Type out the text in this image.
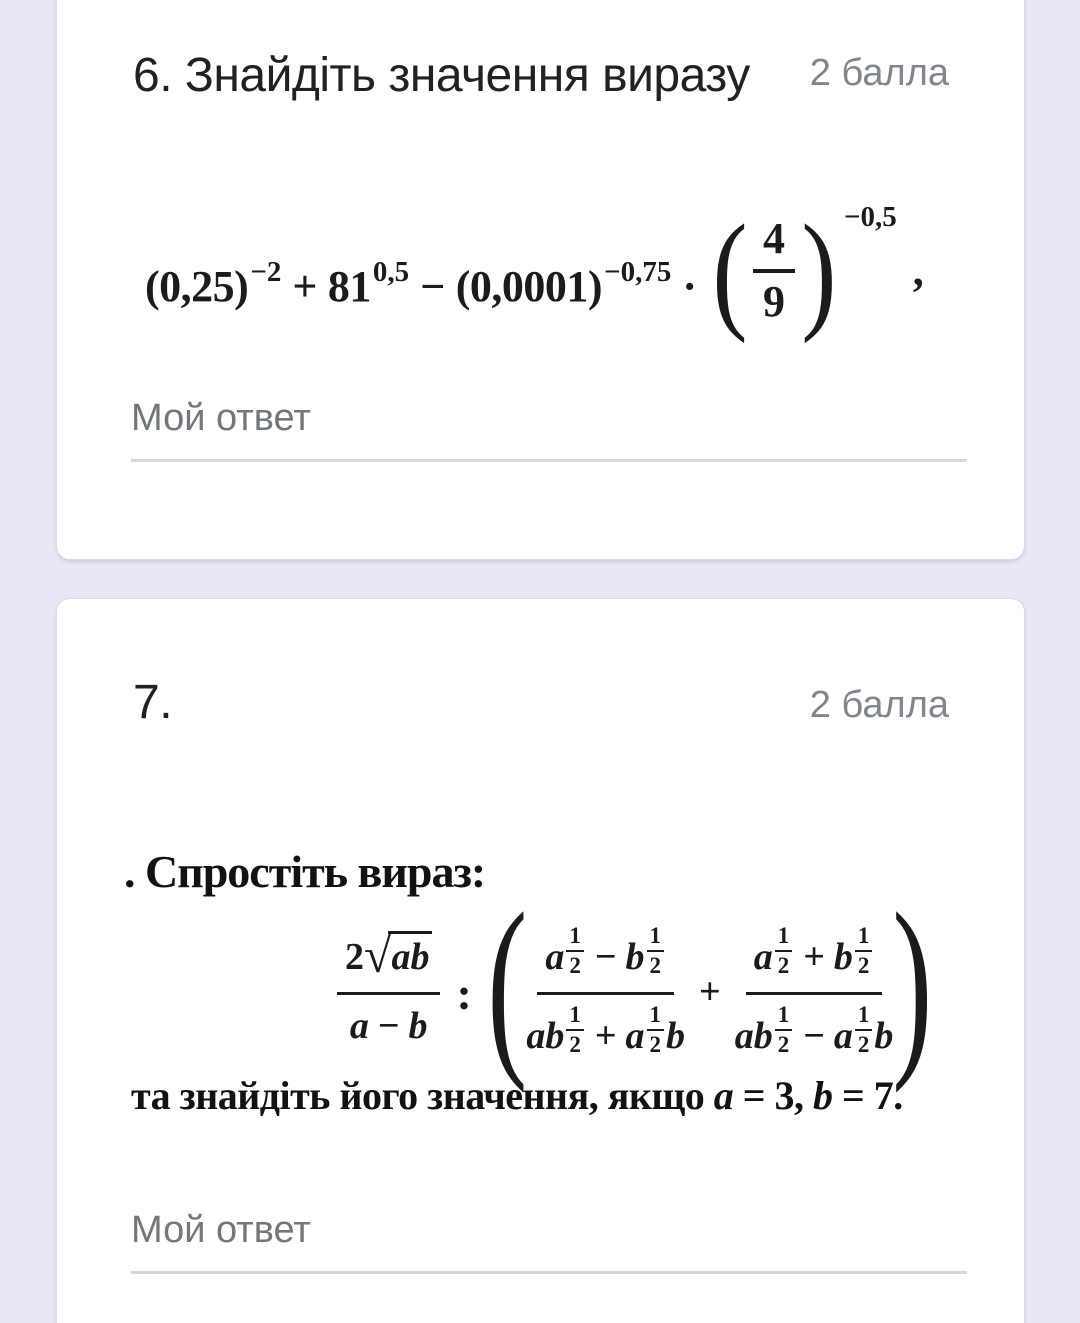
6. Знайдіть значення виразу 2 балла
$(0,25)^{-2} + 81^{0,5} - (0,0001)^{-0,75}$ · ( $\frac{4}{9}$ ) $^{-0,5}$,
Мой ответ
7.	2 балла
. Спростіть вираз:
$\frac{2√ab}{a - b}$ :( $\frac{a \frac{1}{2} - b \frac{1}{2}}{ab \frac{1}{2} + a \frac{1}{2} b} + \frac{a \frac{1}{2} + b \frac{1}{2}}{ab \frac{1}{2} - a \frac{1}{2} b}$ )
та знайдіть його значення, якщо a = 3, b = 7.
Мой ответ
